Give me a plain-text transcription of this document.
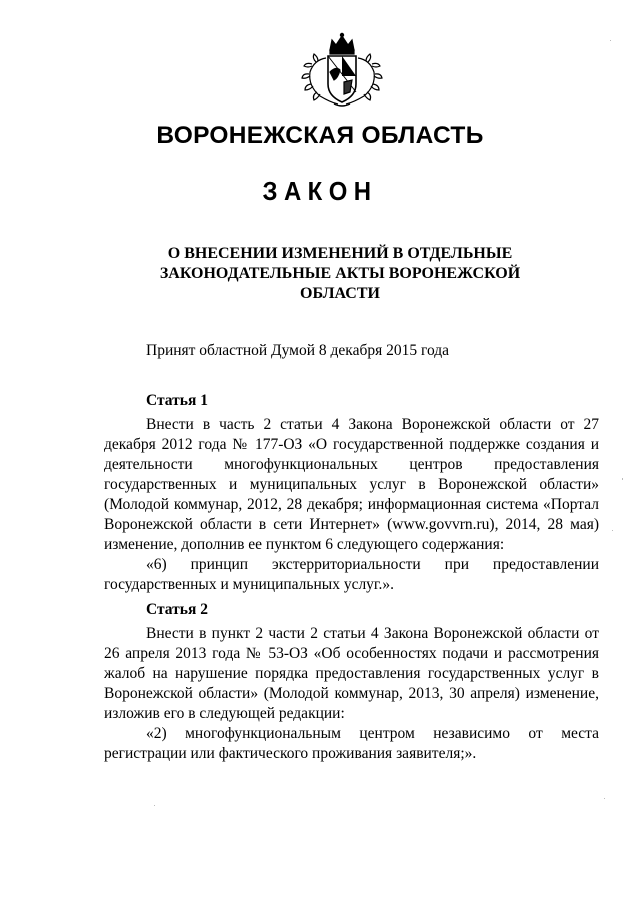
ВОРОНЕЖСКАЯ ОБЛАСТЬ
ЗАКОН
О ВНЕСЕНИИ ИЗМЕНЕНИЙ В ОТДЕЛЬНЫЕ
ЗАКОНОДАТЕЛЬНЫЕ АКТЫ ВОРОНЕЖСКОЙ
ОБЛАСТИ
Принят областной Думой 8 декабря 2015 года
Статья 1
Внести в часть 2 статьи 4 Закона Воронежской области от 27 декабря 2012 года № 177-ОЗ «О государственной поддержке создания и деятельности многофункциональных центров предоставления государственных и муниципальных услуг в Воронежской области» (Молодой коммунар, 2012, 28 декабря; информационная система «Портал Воронежской области в сети Интернет» (www.govvrn.ru), 2014, 28 мая) изменение, дополнив ее пунктом 6 следующего содержания:
«6) принцип экстерриториальности при предоставлении государственных и муниципальных услуг.».
Статья 2
Внести в пункт 2 части 2 статьи 4 Закона Воронежской области от 26 апреля 2013 года № 53-ОЗ «Об особенностях подачи и рассмотрения жалоб на нарушение порядка предоставления государственных услуг в Воронежской области» (Молодой коммунар, 2013, 30 апреля) изменение, изложив его в следующей редакции:
«2) многофункциональным центром независимо от места регистрации или фактического проживания заявителя;».
